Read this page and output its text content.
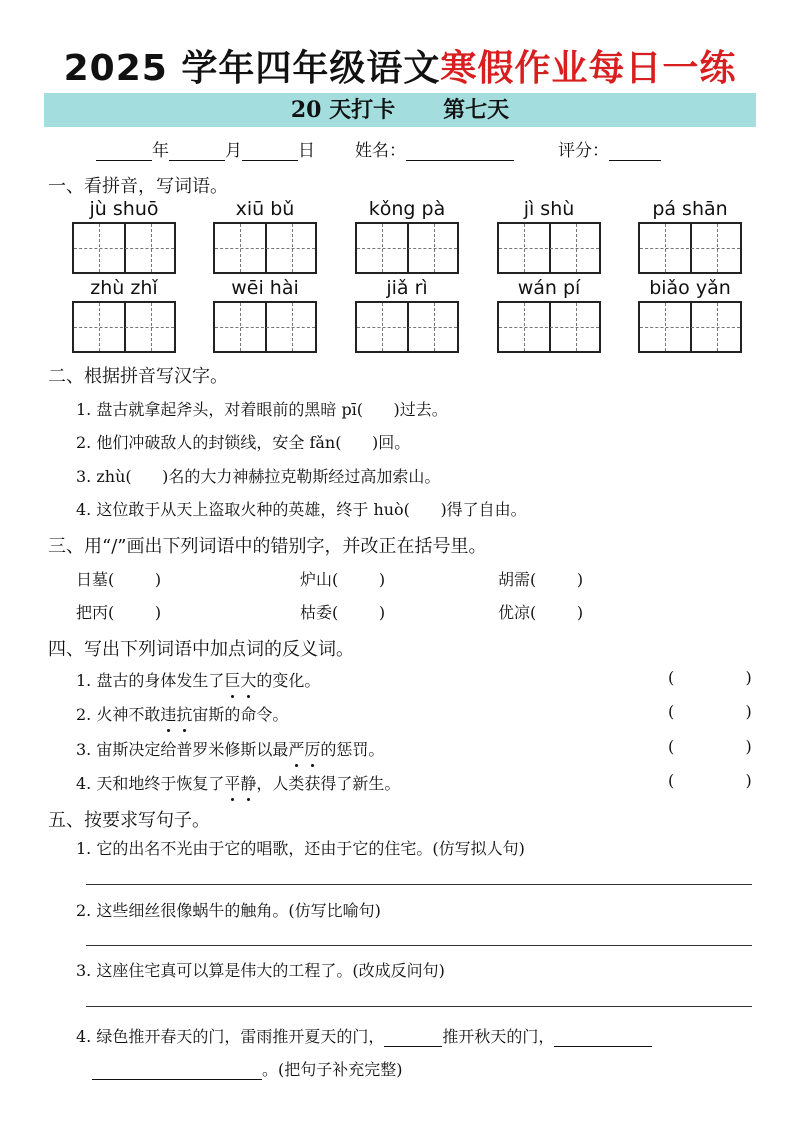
2025 学年四年级语文寒假作业每日一练
20 天打卡 第七天
年	月	日 姓名：	评分：
一、看拼音，写词语。
jù shuō	xiū bǔ	kǒng pà	jì shù	pá shān
zhù zhǐ	wēi hài	jiǎ rì	wán pí	biǎo yǎn
二、根据拼音写汉字。
1. 盘古就拿起斧头，对着眼前的黑暗 pī(      )过去。
2. 他们冲破敌人的封锁线，安全 fǎn(      )回。
3. zhù(      )名的大力神赫拉克勒斯经过高加索山。
4. 这位敢于从天上盗取火种的英雄，终于 huò(      )得了自由。
三、用“/”画出下列词语中的错别字，并改正在括号里。
日墓(        )	炉山(        )	胡需(        )
把丙(        )	枯委(        )	优凉(        )
四、写出下列词语中加点词的反义词。
1. 盘古的身体发生了巨大的变化。	(              )
2. 火神不敢违抗宙斯的命令。	(              )
3. 宙斯决定给普罗米修斯以最严厉的惩罚。	(              )
4. 天和地终于恢复了平静，人类获得了新生。	(              )
五、按要求写句子。
1. 它的出名不光由于它的唱歌，还由于它的住宅。(仿写拟人句)
2. 这些细丝很像蜗牛的触角。(仿写比喻句)
3. 这座住宅真可以算是伟大的工程了。(改成反问句)
4. 绿色推开春天的门，雷雨推开夏天的门，	推开秋天的门，
。(把句子补充完整)
